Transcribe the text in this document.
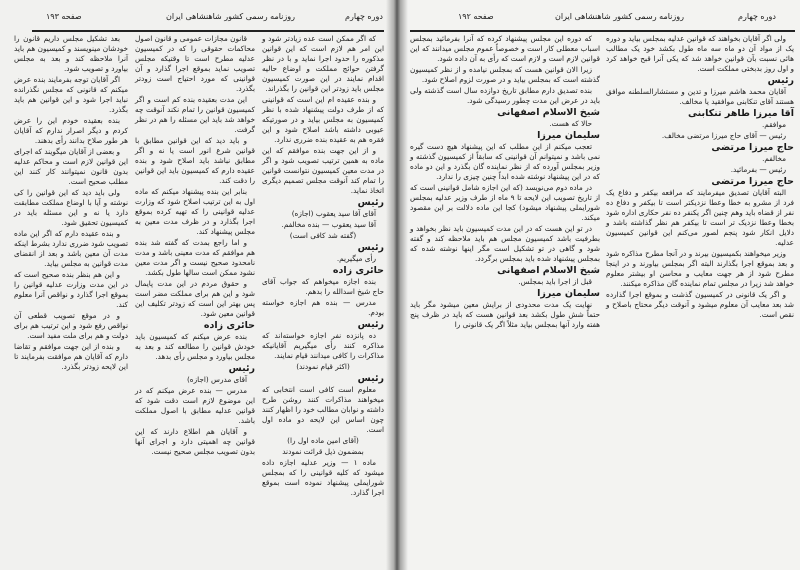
صفحه ۱۹۳	روزنامه رسمی کشور شاهنشاهی ایران	دوره چهارم

بعد تشکیل مجلس داریم قانون را خودشان مینویسند و کمیسیون هم باید آنرا ملاحظه کند و بعد به مجلس بیاورد و تصویب شود.

اگر آقایان توجه بفرمایند بنده عرض میکنم که قانونی که مجلس نگذرانده نباید اجرا شود و این قوانین هم باید بگذرد.

بنده بعقیده خودم این را عرض کردم و دیگر اصرار ندارم که آقایان هر طور صلاح بدانند رأی بدهند.

و بعضی از آقایان میگویند که اجرای این قوانین لازم است و محاکم عدلیه بدون قانون نمیتوانند کار کنند این مطلب صحیح است.

ولی باید دید که این قوانین را کی نوشته و آیا با اوضاع مملکت مطابقت دارد یا نه و این مسئله باید در کمیسیون تحقیق شود.

و بنده عقیده دارم که اگر این ماده تصویب شود ضرری ندارد بشرط اینکه مدت آن معین باشد و بعد از انقضای مدت قوانین به مجلس بیاید.

و این هم بنظر بنده صحیح است که در این مدت وزارت عدلیه قوانین را بموقع اجرا گذارد و نواقص آنرا معلوم کند.

و در موقع تصویب قطعی آن نواقص رفع شود و این ترتیب هم برای دولت و هم برای ملت مفید است.

و بنده از این جهت موافقم و تقاضا دارم که آقایان هم موافقت بفرمایند تا این لایحه زودتر بگذرد.

قانون مجازات عمومی و قانون اصول محاکمات حقوقی را که در کمیسیون عدلیه مطرح است تا وقتیکه مجلس تصویب نماید بموقع اجرا گذارد و آن قوانینی که مورد احتیاج است زودتر بگذرد.

این مدت بعقیده بنده کم است و اگر کمیسیون قوانین را تمام نکند آنوقت چه خواهد شد باید این مسئله را هم در نظر گرفت.

و باید دید که این قوانین مطابق با قوانین شرع انور است یا نه و اگر مطابق نباشد باید اصلاح شود و بنده عقیده دارم که کمیسیون باید این قوانین را دقت کند.

بنابر این بنده پیشنهاد میکنم که ماده اول به این ترتیب اصلاح شود که وزارت عدلیه قوانینی را که تهیه کرده بموقع اجرا بگذارد و در ظرف مدت معین به مجلس پیشنهاد کند.

و اما راجع بمدت که گفته شد بنده هم موافقم که مدت معینی باشد و مدت نامحدود صحیح نیست و اگر مدت معین نشود ممکن است سالها طول بکشد.

و حقوق مردم در این مدت پایمال شود و این هم برای مملکت مضر است پس بهتر این است که زودتر تکلیف این قوانین معین شود.

حائری زاده

بنده عرض میکنم که کمیسیون باید خودش قوانین را مطالعه کند و بعد به مجلس بیاورد و مجلس رأی بدهد.

رئیس

آقای مدرس (اجازه)

مدرس — بنده عرض میکنم که در این موضوع لازم است دقت شود که قوانین عدلیه مطابق با اصول مملکت باشد.

و آقایان هم اطلاع دارند که این قوانین چه اهمیتی دارد و اجرای آنها بدون تصویب مجلس صحیح نیست.

که اگر ممکن است عده زیادتر شود و این امر هم لازم است که این قوانین مذکوره را حدود اجرا نماید و با در نظر گرفتن حوائج مملکت و اوضاع حالیه اقدام نمایند در این صورت کمیسیون مجلس باید زودتر این قوانین را بگذراند.

و بنده عقیده ام این است که قوانینی که از طرف دولت پیشنهاد شده با نظر کمیسیون به مجلس بیاید و در صورتیکه عیوبی داشته باشد اصلاح شود و این فقره هم به عقیده بنده ضرری ندارد.

و از این جهت بنده موافقم که این ماده به همین ترتیب تصویب شود و اگر در مدت معین کمیسیون نتوانست قوانین را تمام کند آنوقت مجلس تصمیم دیگری اتخاذ نماید.

رئیس

آقای آقا سید یعقوب (اجازه)

آقا سید یعقوب — بنده مخالفم.

(گفته شد کافی است)

رئیس

رأی میگیریم.

حائری زاده

بنده اجازه میخواهم که جواب آقای حاج شیخ اسدالله را بدهم.

مدرس — بنده هم اجازه خواسته بودم.

رئیس

ده پانزده نفر اجازه خواسته‌اند که مذاکره کنند رأی میگیریم آقایانیکه مذاکرات را کافی میدانند قیام نمایند.

(اکثر قیام نمودند)

رئیس

معلوم است کافی است انتخابی که میخواهند مذاکرات کنند روشن طرح داشته و نوابان مطالب خود را اظهار کنند چون اساس این لایحه دو ماده اول است.

(آقای امین ماده اول را)

بمضمون ذیل قرائت نمودند

ماده ۱ — وزیر عدلیه اجازه داده میشود که کلیه قوانینی را که بمجلس شورایملی پیشنهاد نموده است بموقع اجرا گذارد.

صفحه ۱۹۲	روزنامه رسمی کشور شاهنشاهی ایران	دوره چهارم

که دوره این مجلس پیشنهاد کرده که آنرا بفرمائید بمجلس اسباب معطلی کار است و خصوصاً عموم مجلس میدانند که این قوانین لازم است و لازم است که رأی به آن داده شود.

زیرا الان قوانین هست که بمجلس نیامده و از نظر کمیسیون گذشته است که بمجلس بیاید و در صورت لزوم اصلاح شود.

بنده تصدیق دارم مطابق تاریخ دوازده سال است گذشته ولی باید در عرض این مدت چطور رسیدگی شود.

شیخ الاسلام اصفهانی

حالا که هست.

سلیمان میرزا

تعجب میکنم از این مطلب که این پیشنهاد هیچ دست گیره نمی باشد و نمیتوانم آن قوانینی که سابقاً از کمیسیون گذشته و وزیر بمجلس آورده که از نظر نماینده گان بگذرد و این دو ماده که در این پیشنهاد نوشته شده ابداً چنین چیزی را ندارد.

در ماده دوم می‌نویسد (که این اجازه شامل قوانینی است که از تاریخ تصویب این لایحه تا ۹ ماه از طرف وزیر عدلیه بمجلس شورایملی پیشنهاد میشود) کجا این ماده دلالت بر این مقصود میکند.

در تو این هست که در این مدت کمیسیون باید نظر بخواهد و بطرفیت باشد کمیسیون مجلس هم باید ملاحظه کند و گفته شود و گاهی در تو تشکیل است مگر اینها نوشته شده که بمجلس پیشنهاد شده باید بمجلس برگردد.

شیخ الاسلام اصفهانی

قبل از اجرا باید بمجلس.

سلیمان میرزا

نهایت یک مدت محدودی از برایش معین میشود مگر باید حتماً شش طول بکشد بعد قوانین هست که باید در ظرف پنج هفته وارد آنها بمجلس بیاید مثلاً اگر یک قانونی را

ولی اگر آقایان بخواهند که قوانین عدلیه بمجلس بیاید و دوره یک از مواد آن دو ماه سه ماه طول بکشد خود یک مطالب هائی نسبت بآن قوانین خواهد شد که یکی آنرا قبح خواهد کرد و اول روز بدبختی مملکت است.

رئیس

آقایان محمد هاشم میرزا و تدین و مستشارالسلطنه موافق هستند آقای تنکابنی موافقید یا مخالف.

آقا میرزا طاهر تنکابنی

موافقم.

رئیس — آقای حاج میرزا مرتضی مخالف.

حاج میرزا مرتضی

مخالفم.

رئیس — بفرمائید.

حاج میرزا مرتضی

البته آقایان تصدیق میفرمایند که مرافعه بیکفر و دفاع یک فرد از مشرو به خطا وعطا نزدیکتر است تا بیکفر و دفاع ده نفر از قضاه باید وهم چنین اگر یکنفر ده نفر حکاری اداره شود بخطا وعطا نزدیک تر است تا بیکفر هم نظر گذاشته باشد و دلایل انکار شود پنجم لصور می‌کنم این قوانین کمیسیون عدلیه.

وزیر میخواهند بکمیسیون بیرند و در آنجا مطرح مذاکره شود و بعد بموقع اجرا بگذارند البته اگر بمجلس بیاورند و در اینجا مطرح شود از هر جهت معایب و محاسن او بیشتر معلوم خواهد شد زیرا در مجلس تمام نماینده گان مذاکره میکنند.

و اگر یک قانونی در کمیسیون گذشت و بموقع اجرا گذارده شد بعد معایب آن معلوم میشود و آنوقت دیگر محتاج باصلاح و نقص است.
